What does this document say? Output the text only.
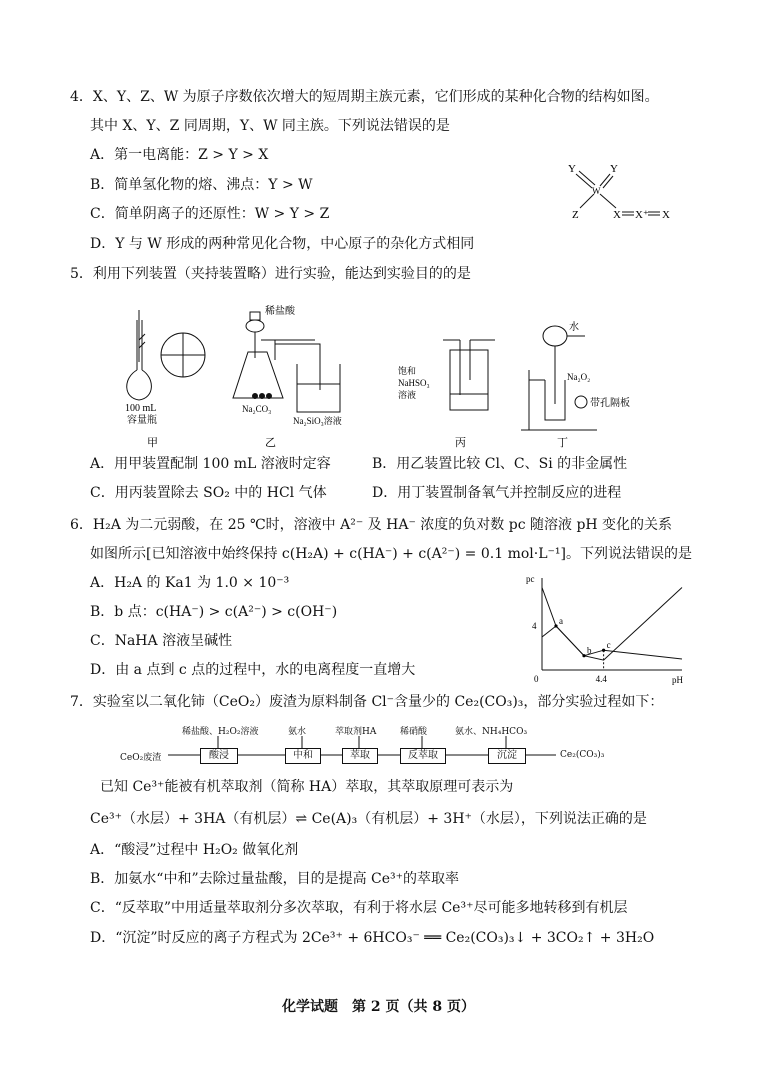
4．X、Y、Z、W 为原子序数依次增大的短周期主族元素，它们形成的某种化合物的结构如图。
其中 X、Y、Z 同周期，Y、W 同主族。下列说法错误的是
A．第一电离能：Z > Y > X
B．简单氢化物的熔、沸点：Y > W
C．简单阴离子的还原性：W > Y > Z
D．Y 与 W 形成的两种常见化合物，中心原子的杂化方式相同
Y	Y
W
Z	X X⁺ X
5．利用下列装置（夹持装置略）进行实验，能达到实验目的的是
100 mL
容量瓶
稀盐酸
Na₂CO₃
Na₂SiO₃溶液
饱和
NaHSO₃
溶液
水
Na₂O₂
带孔隔板
甲	乙	丙	丁
A．用甲装置配制 100 mL 溶液时定容	B．用乙装置比较 Cl、C、Si 的非金属性
C．用丙装置除去 SO₂ 中的 HCl 气体	D．用丁装置制备氧气并控制反应的进程
6．H₂A 为二元弱酸，在 25 ℃时，溶液中 A²⁻ 及 HA⁻ 浓度的负对数 pc 随溶液 pH 变化的关系
如图所示[已知溶液中始终保持 c(H₂A) + c(HA⁻) + c(A²⁻) = 0.1 mol·L⁻¹]。下列说法错误的是
A．H₂A 的 Ka1 为 1.0 × 10⁻³
B．b 点：c(HA⁻) > c(A²⁻) > c(OH⁻)
C．NaHA 溶液呈碱性
D．由 a 点到 c 点的过程中，水的电离程度一直增大
pc
pH
0
a
b
c
4.4
4
7．实验室以二氧化铈（CeO₂）废渣为原料制备 Cl⁻含量少的 Ce₂(CO₃)₃，部分实验过程如下：
稀盐酸、H₂O₂溶液	氨水	萃取剂HA	稀硝酸	氨水、NH₄HCO₃
CeO₂废渣	酸浸	中和	萃取	反萃取	沉淀	Ce₂(CO₃)₃
已知 Ce³⁺能被有机萃取剂（简称 HA）萃取，其萃取原理可表示为
Ce³⁺（水层）+ 3HA（有机层）⇌ Ce(A)₃（有机层）+ 3H⁺（水层），下列说法正确的是
A．“酸浸”过程中 H₂O₂ 做氧化剂
B．加氨水“中和”去除过量盐酸，目的是提高 Ce³⁺的萃取率
C．“反萃取”中用适量萃取剂分多次萃取，有利于将水层 Ce³⁺尽可能多地转移到有机层
D．“沉淀”时反应的离子方程式为 2Ce³⁺ + 6HCO₃⁻ ══ Ce₂(CO₃)₃↓ + 3CO₂↑ + 3H₂O
化学试题　第 2 页（共 8 页）
